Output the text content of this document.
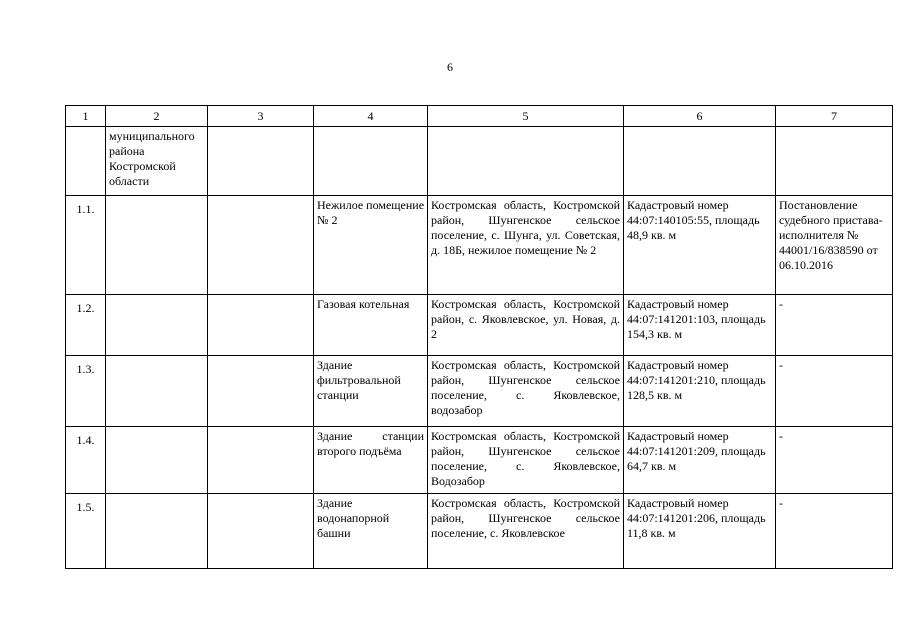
6
1	2	3	4	5	6	7
	муниципального района Костромской области					
1.1.			Нежилое помещение № 2	Костромская область, Костромской район, Шунгенское сельское поселение, с. Шунга, ул. Советская, д. 18Б, нежилое помещение № 2	Кадастровый номер 44:07:140105:55, площадь 48,9 кв. м	Постановление судебного пристава-исполнителя № 44001/16/838590 от 06.10.2016
1.2.			Газовая котельная	Костромская область, Костромской район, с. Яковлевское, ул. Новая, д. 2	Кадастровый номер 44:07:141201:103, площадь 154,3 кв. м	-
1.3.			Здание фильтровальной станции	Костромская область, Костромской район, Шунгенское сельское поселение, с. Яковлевское, водозабор	Кадастровый номер 44:07:141201:210, площадь 128,5 кв. м	-
1.4.			Здание станции второго подъёма	Костромская область, Костромской район, Шунгенское сельское поселение, с. Яковлевское, Водозабор	Кадастровый номер 44:07:141201:209, площадь 64,7 кв. м	-
1.5.			Здание водонапорной башни	Костромская область, Костромской район, Шунгенское сельское поселение, с. Яковлевское	Кадастровый номер 44:07:141201:206, площадь 11,8 кв. м	-
